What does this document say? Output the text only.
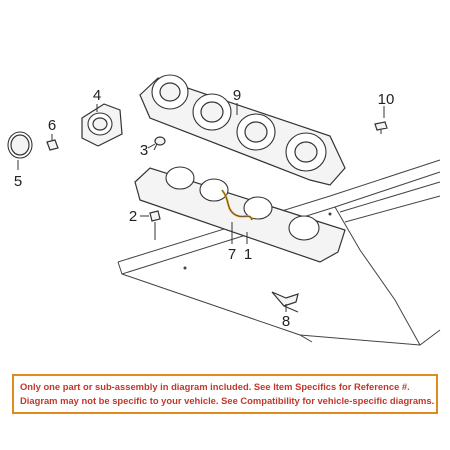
4	9	10
6
5
3
2
7 1
8
Only one part or sub-assembly in diagram included. See Item Specifics for Reference #.
Diagram may not be specific to your vehicle. See Compatibility for vehicle-specific diagrams.
